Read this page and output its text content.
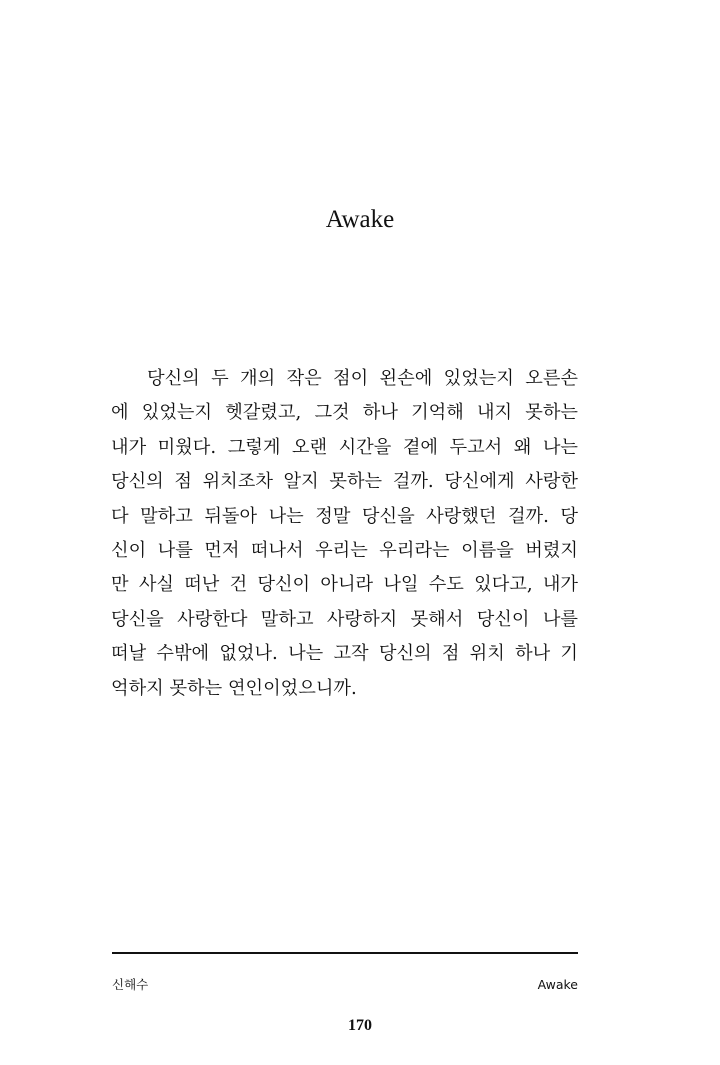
Awake
당신의 두 개의 작은 점이 왼손에 있었는지 오른손
에 있었는지 헷갈렸고, 그것 하나 기억해 내지 못하는
내가 미웠다. 그렇게 오랜 시간을 곁에 두고서 왜 나는
당신의 점 위치조차 알지 못하는 걸까. 당신에게 사랑한
다 말하고 뒤돌아 나는 정말 당신을 사랑했던 걸까. 당
신이 나를 먼저 떠나서 우리는 우리라는 이름을 버렸지
만 사실 떠난 건 당신이 아니라 나일 수도 있다고, 내가
당신을 사랑한다 말하고 사랑하지 못해서 당신이 나를
떠날 수밖에 없었나. 나는 고작 당신의 점 위치 하나 기
억하지 못하는 연인이었으니까.
신해수	Awake
170
